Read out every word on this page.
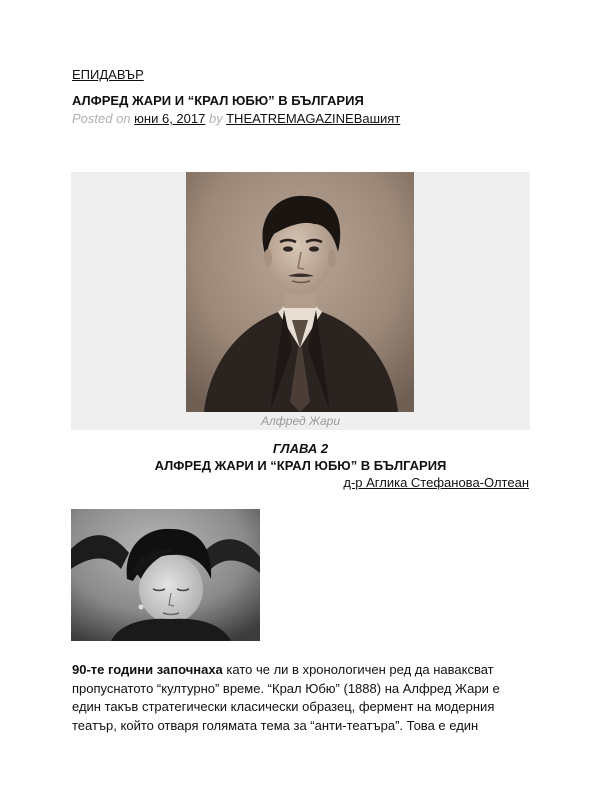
ЕПИДАВЪР
АЛФРЕД ЖАРИ И “КРАЛ ЮБЮ” В БЪЛГАРИЯ
Posted on юни 6, 2017 by THEATREMAGAZINEВашият
Алфред Жари
ГЛАВА 2
АЛФРЕД ЖАРИ И “КРАЛ ЮБЮ” В БЪЛГАРИЯ
д-р Аглика Стефанова-Олтеан
90-те години започнаха като че ли в хронологичен ред да наваксват пропуснатото “културно” време. “Крал Юбю” (1888) на Алфред Жари е един такъв стратегически класически образец, фермент на модерния театър, който отваря голямата тема за “анти-театъра”. Това е един
